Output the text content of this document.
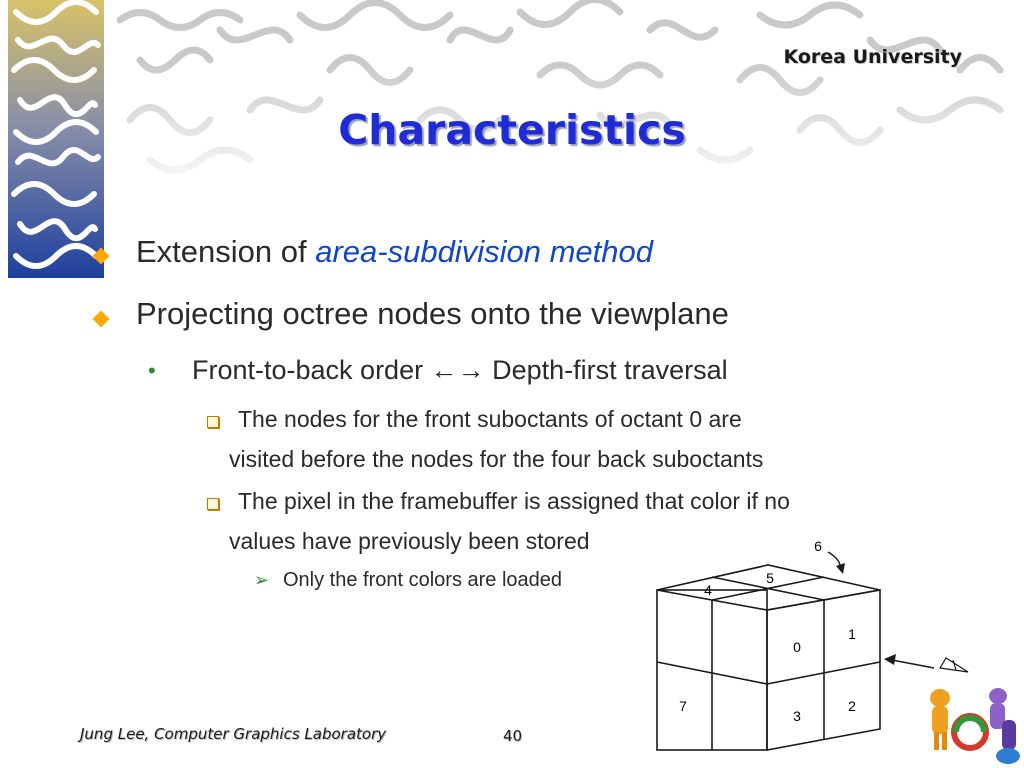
Korea University
Characteristics
Extension of area-subdivision method
Projecting octree nodes onto the viewplane
• Front-to-back order ←→ Depth-first traversal
The nodes for the front suboctants of octant 0 are
visited before the nodes for the four back suboctants
The pixel in the framebuffer is assigned that color if no
values have previously been stored
➢ Only the front colors are loaded	4
5
6
0
1
2
3
7
Jung Lee, Computer Graphics Laboratory	40
